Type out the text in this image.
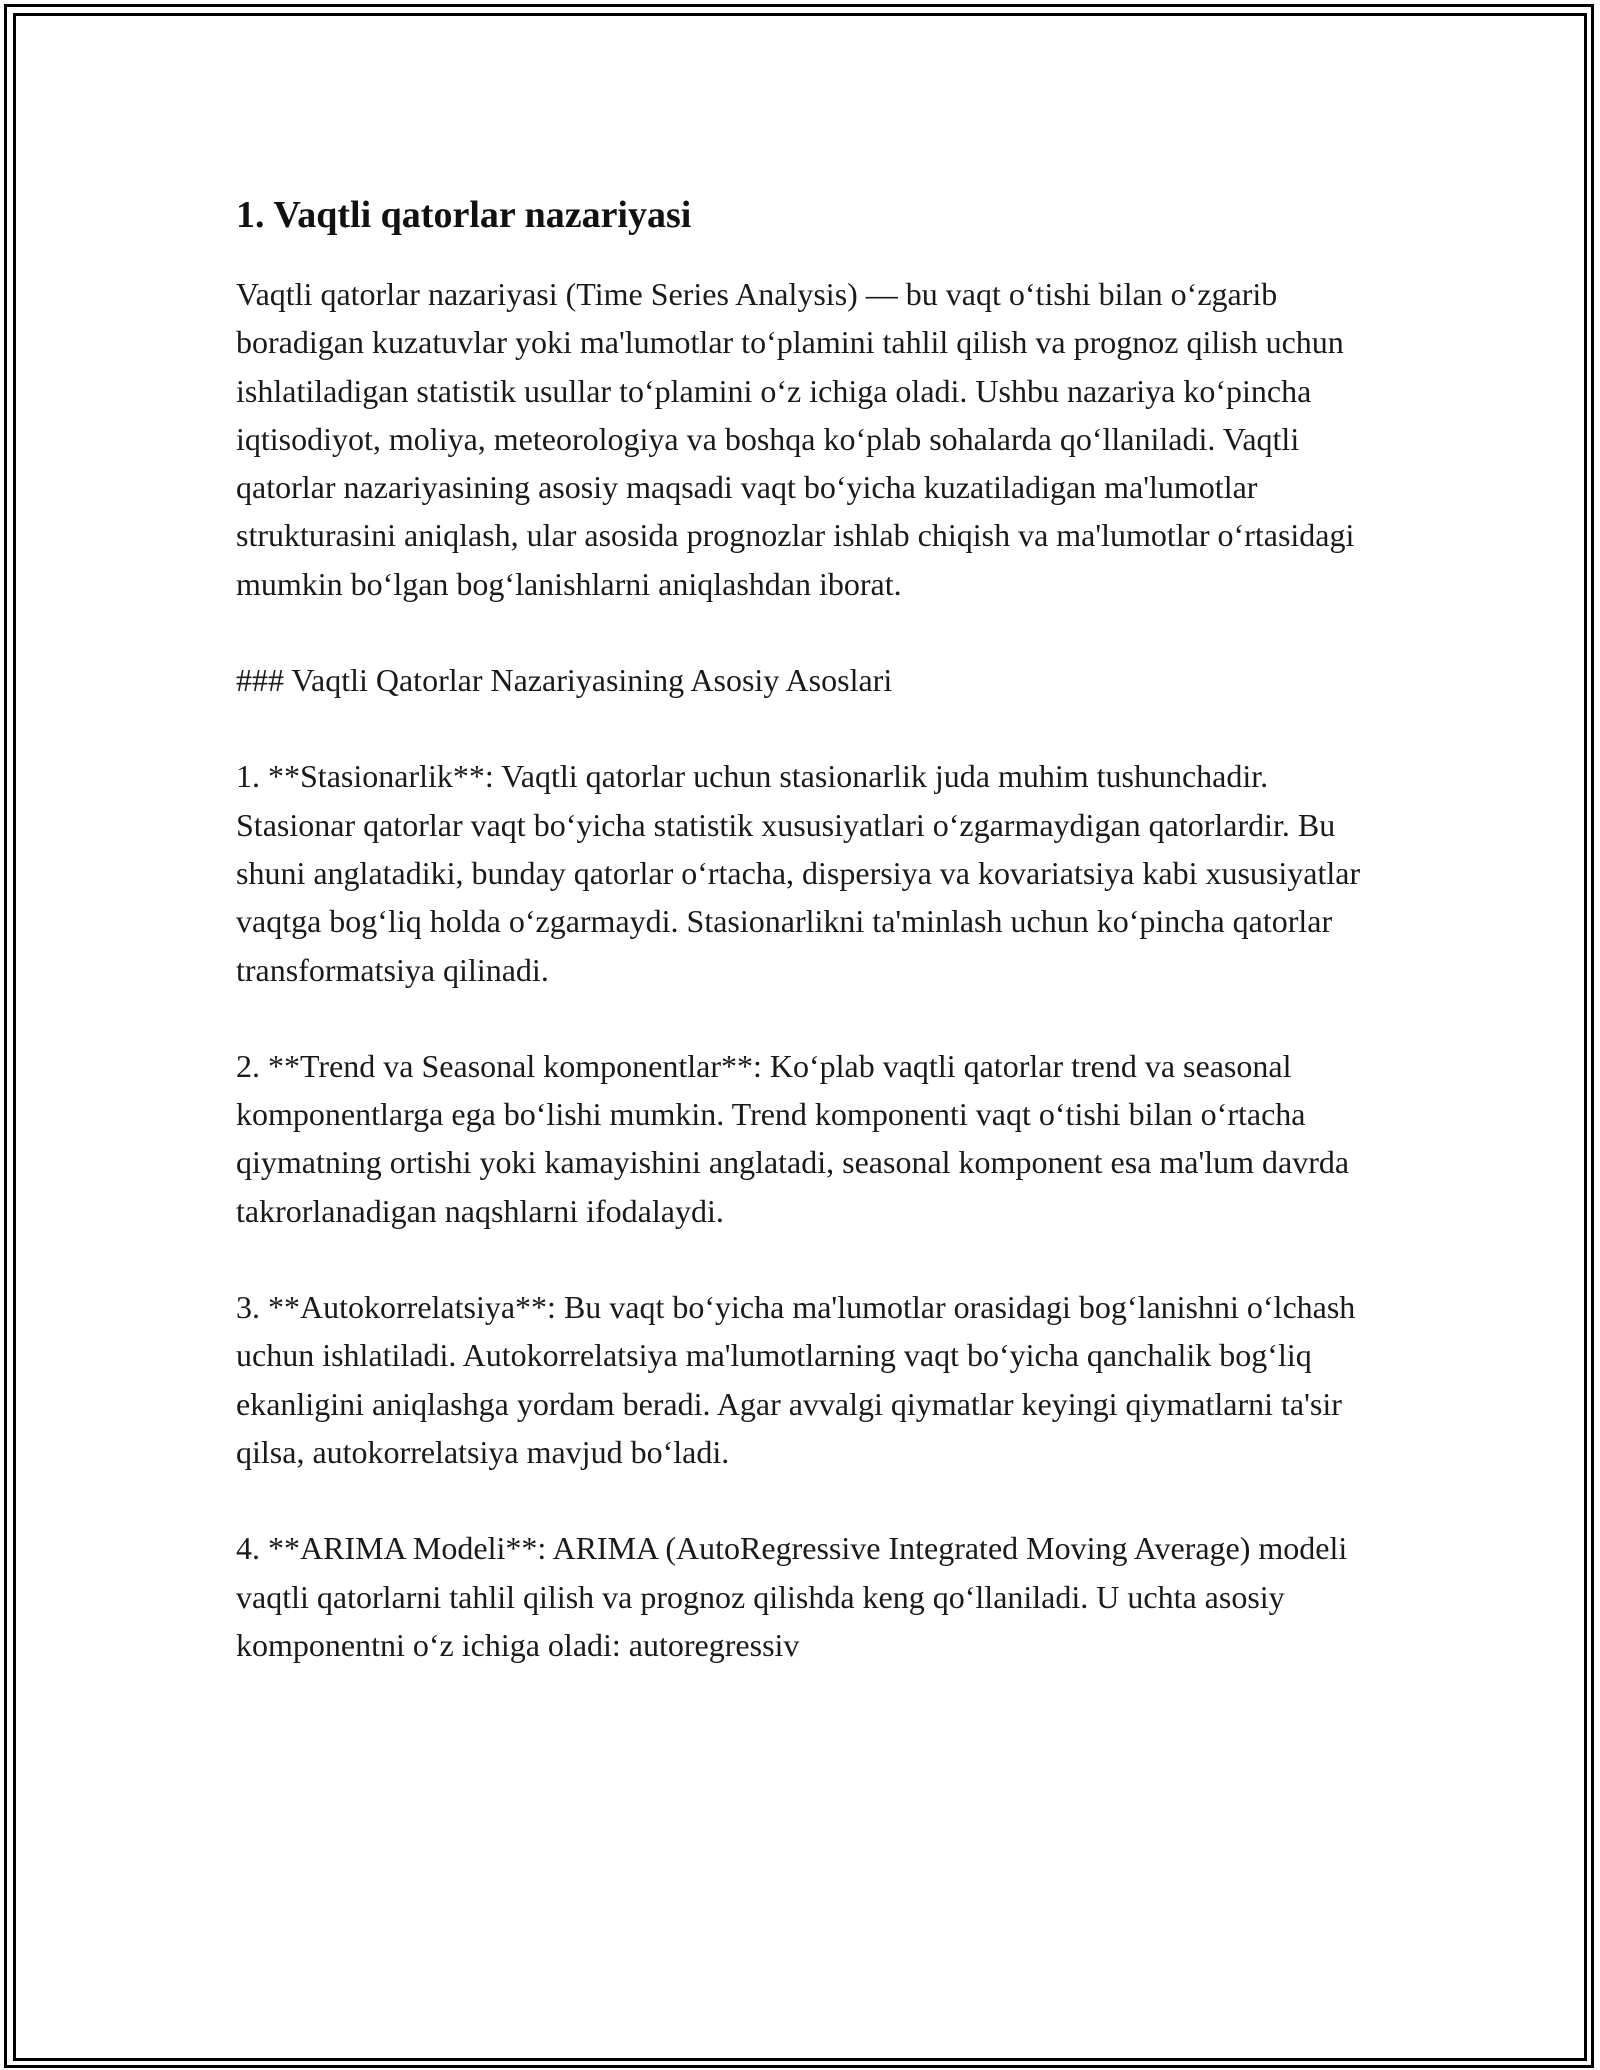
1. Vaqtli qatorlar nazariyasi

Vaqtli qatorlar nazariyasi (Time Series Analysis) — bu vaqt o‘tishi bilan o‘zgarib boradigan kuzatuvlar yoki ma'lumotlar to‘plamini tahlil qilish va prognoz qilish uchun ishlatiladigan statistik usullar to‘plamini o‘z ichiga oladi. Ushbu nazariya ko‘pincha iqtisodiyot, moliya, meteorologiya va boshqa ko‘plab sohalarda qo‘llaniladi. Vaqtli qatorlar nazariyasining asosiy maqsadi vaqt bo‘yicha kuzatiladigan ma'lumotlar strukturasini aniqlash, ular asosida prognozlar ishlab chiqish va ma'lumotlar o‘rtasidagi mumkin bo‘lgan bog‘lanishlarni aniqlashdan iborat.

### Vaqtli Qatorlar Nazariyasining Asosiy Asoslari

1. **Stasionarlik**: Vaqtli qatorlar uchun stasionarlik juda muhim tushunchadir. Stasionar qatorlar vaqt bo‘yicha statistik xususiyatlari o‘zgarmaydigan qatorlardir. Bu shuni anglatadiki, bunday qatorlar o‘rtacha, dispersiya va kovariatsiya kabi xususiyatlar vaqtga bog‘liq holda o‘zgarmaydi. Stasionarlikni ta'minlash uchun ko‘pincha qatorlar transformatsiya qilinadi.

2. **Trend va Seasonal komponentlar**: Ko‘plab vaqtli qatorlar trend va seasonal komponentlarga ega bo‘lishi mumkin. Trend komponenti vaqt o‘tishi bilan o‘rtacha qiymatning ortishi yoki kamayishini anglatadi, seasonal komponent esa ma'lum davrda takrorlanadigan naqshlarni ifodalaydi.

3. **Autokorrelatsiya**: Bu vaqt bo‘yicha ma'lumotlar orasidagi bog‘lanishni o‘lchash uchun ishlatiladi. Autokorrelatsiya ma'lumotlarning vaqt bo‘yicha qanchalik bog‘liq ekanligini aniqlashga yordam beradi. Agar avvalgi qiymatlar keyingi qiymatlarni ta'sir qilsa, autokorrelatsiya mavjud bo‘ladi.

4. **ARIMA Modeli**: ARIMA (AutoRegressive Integrated Moving Average) modeli vaqtli qatorlarni tahlil qilish va prognoz qilishda keng qo‘llaniladi. U uchta asosiy komponentni o‘z ichiga oladi: autoregressiv
